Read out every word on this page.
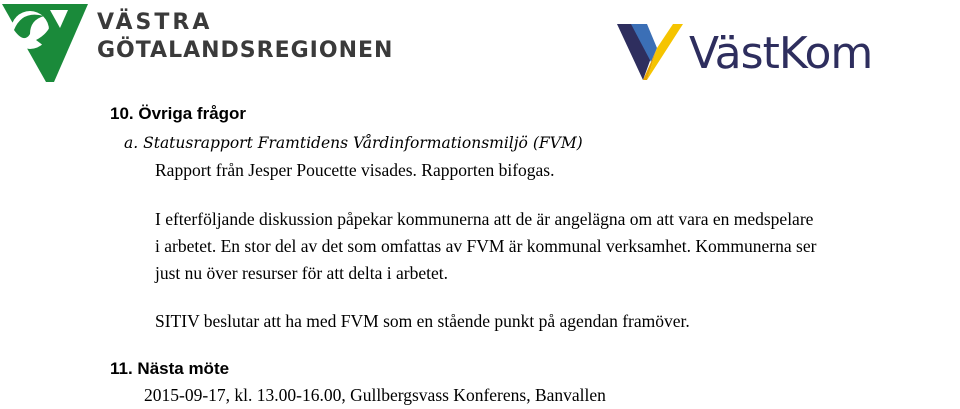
VÄSTRA
GÖTALANDSREGIONEN	VästKom
10. Övriga frågor
a. Statusrapport Framtidens Vårdinformationsmiljö (FVM)
Rapport från Jesper Poucette visades. Rapporten bifogas.
I efterföljande diskussion påpekar kommunerna att de är angelägna om att vara en medspelare
i arbetet. En stor del av det som omfattas av FVM är kommunal verksamhet. Kommunerna ser
just nu över resurser för att delta i arbetet.
SITIV beslutar att ha med FVM som en stående punkt på agendan framöver.
11. Nästa möte
2015-09-17, kl. 13.00-16.00, Gullbergsvass Konferens, Banvallen
